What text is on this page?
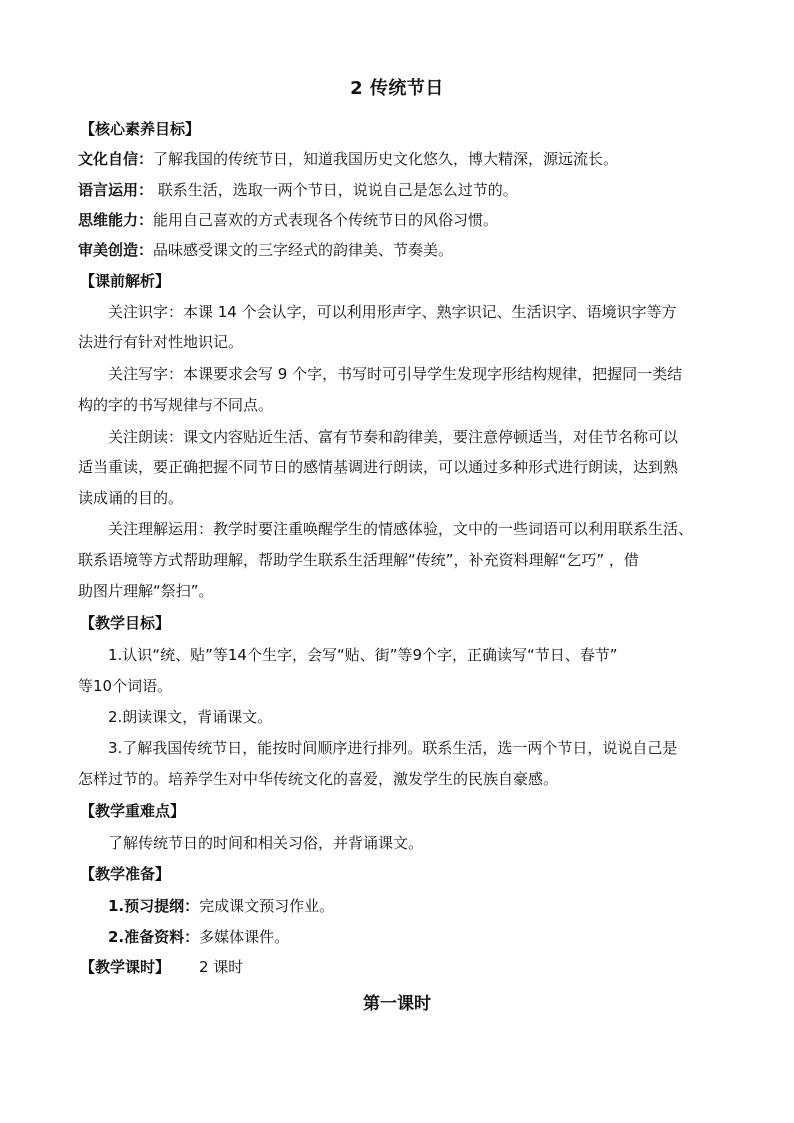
2 传统节日
【核心素养目标】
文化自信：了解我国的传统节日，知道我国历史文化悠久，博大精深，源远流长。
语言运用： 联系生活，选取一两个节日，说说自己是怎么过节的。
思维能力：能用自己喜欢的方式表现各个传统节日的风俗习惯。
审美创造：品味感受课文的三字经式的韵律美、节奏美。
【课前解析】
关注识字：本课 14 个会认字，可以利用形声字、熟字识记、生活识字、语境识字等方
法进行有针对性地识记。
关注写字：本课要求会写 9 个字，书写时可引导学生发现字形结构规律，把握同一类结
构的字的书写规律与不同点。
关注朗读：课文内容贴近生活、富有节奏和韵律美，要注意停顿适当，对佳节名称可以
适当重读，要正确把握不同节日的感情基调进行朗读，可以通过多种形式进行朗读，达到熟
读成诵的目的。
关注理解运用：教学时要注重唤醒学生的情感体验，文中的一些词语可以利用联系生活、
联系语境等方式帮助理解，帮助学生联系生活理解“传统”，补充资料理解“乞巧” ，借
助图片理解“祭扫”。
【教学目标】
1.认识“统、贴”等14个生字，会写“贴、街”等9个字，正确读写“节日、春节”
等10个词语。
2.朗读课文，背诵课文。
3.了解我国传统节日，能按时间顺序进行排列。联系生活，选一两个节日，说说自己是
怎样过节的。培养学生对中华传统文化的喜爱，激发学生的民族自豪感。
【教学重难点】
了解传统节日的时间和相关习俗，并背诵课文。
【教学准备】
1.预习提纲：完成课文预习作业。
2.准备资料：多媒体课件。
【教学课时】 2 课时
第一课时
